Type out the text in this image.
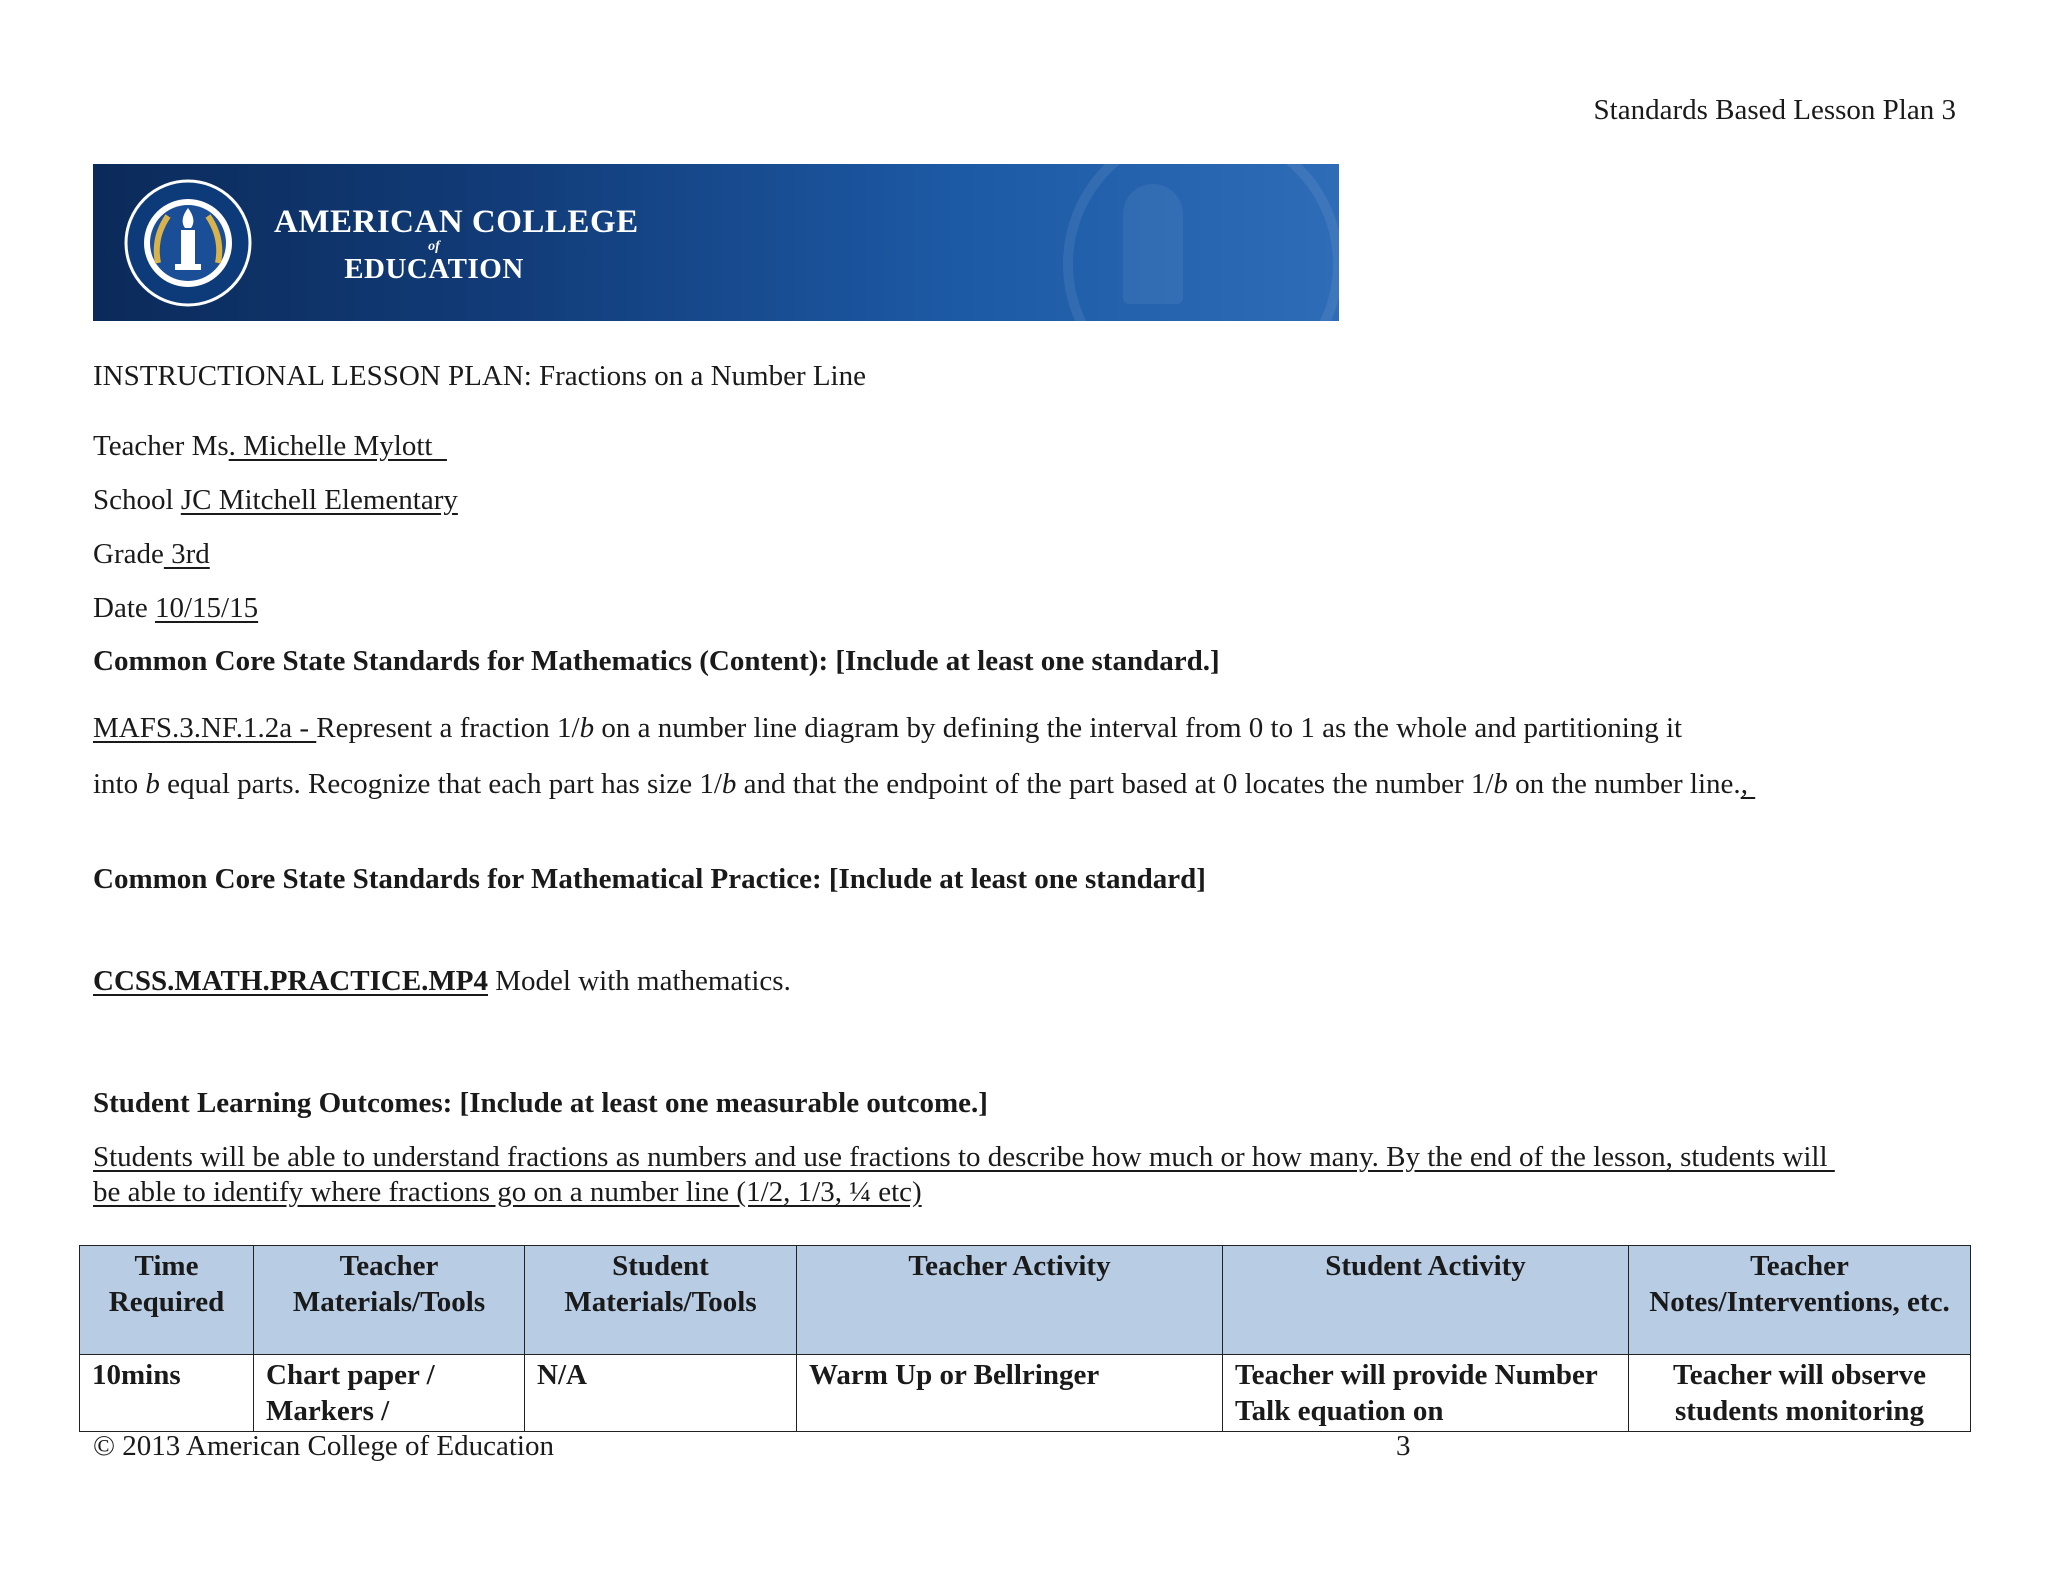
Standards Based Lesson Plan 3
AMERICAN COLLEGE
of
EDUCATION
INSTRUCTIONAL LESSON PLAN: Fractions on a Number Line
Teacher Ms. Michelle Mylott
School JC Mitchell Elementary
Grade 3rd
Date 10/15/15
Common Core State Standards for Mathematics (Content): [Include at least one standard.]
MAFS.3.NF.1.2a - Represent a fraction 1/b on a number line diagram by defining the interval from 0 to 1 as the whole and partitioning it
into b equal parts. Recognize that each part has size 1/b and that the endpoint of the part based at 0 locates the number 1/b on the number line.,
Common Core State Standards for Mathematical Practice: [Include at least one standard]
CCSS.MATH.PRACTICE.MP4 Model with mathematics.
Student Learning Outcomes: [Include at least one measurable outcome.]
Students will be able to understand fractions as numbers and use fractions to describe how much or how many. By the end of the lesson, students will
be able to identify where fractions go on a number line (1/2, 1/3, ¼ etc)
Time Required	Teacher Materials/Tools	Student Materials/Tools	Teacher Activity	Student Activity	Teacher Notes/Interventions, etc.
10mins	Chart paper / Markers /	N/A	Warm Up or Bellringer	Teacher will provide Number Talk equation on	Teacher will observe students monitoring
© 2013 American College of Education	3
